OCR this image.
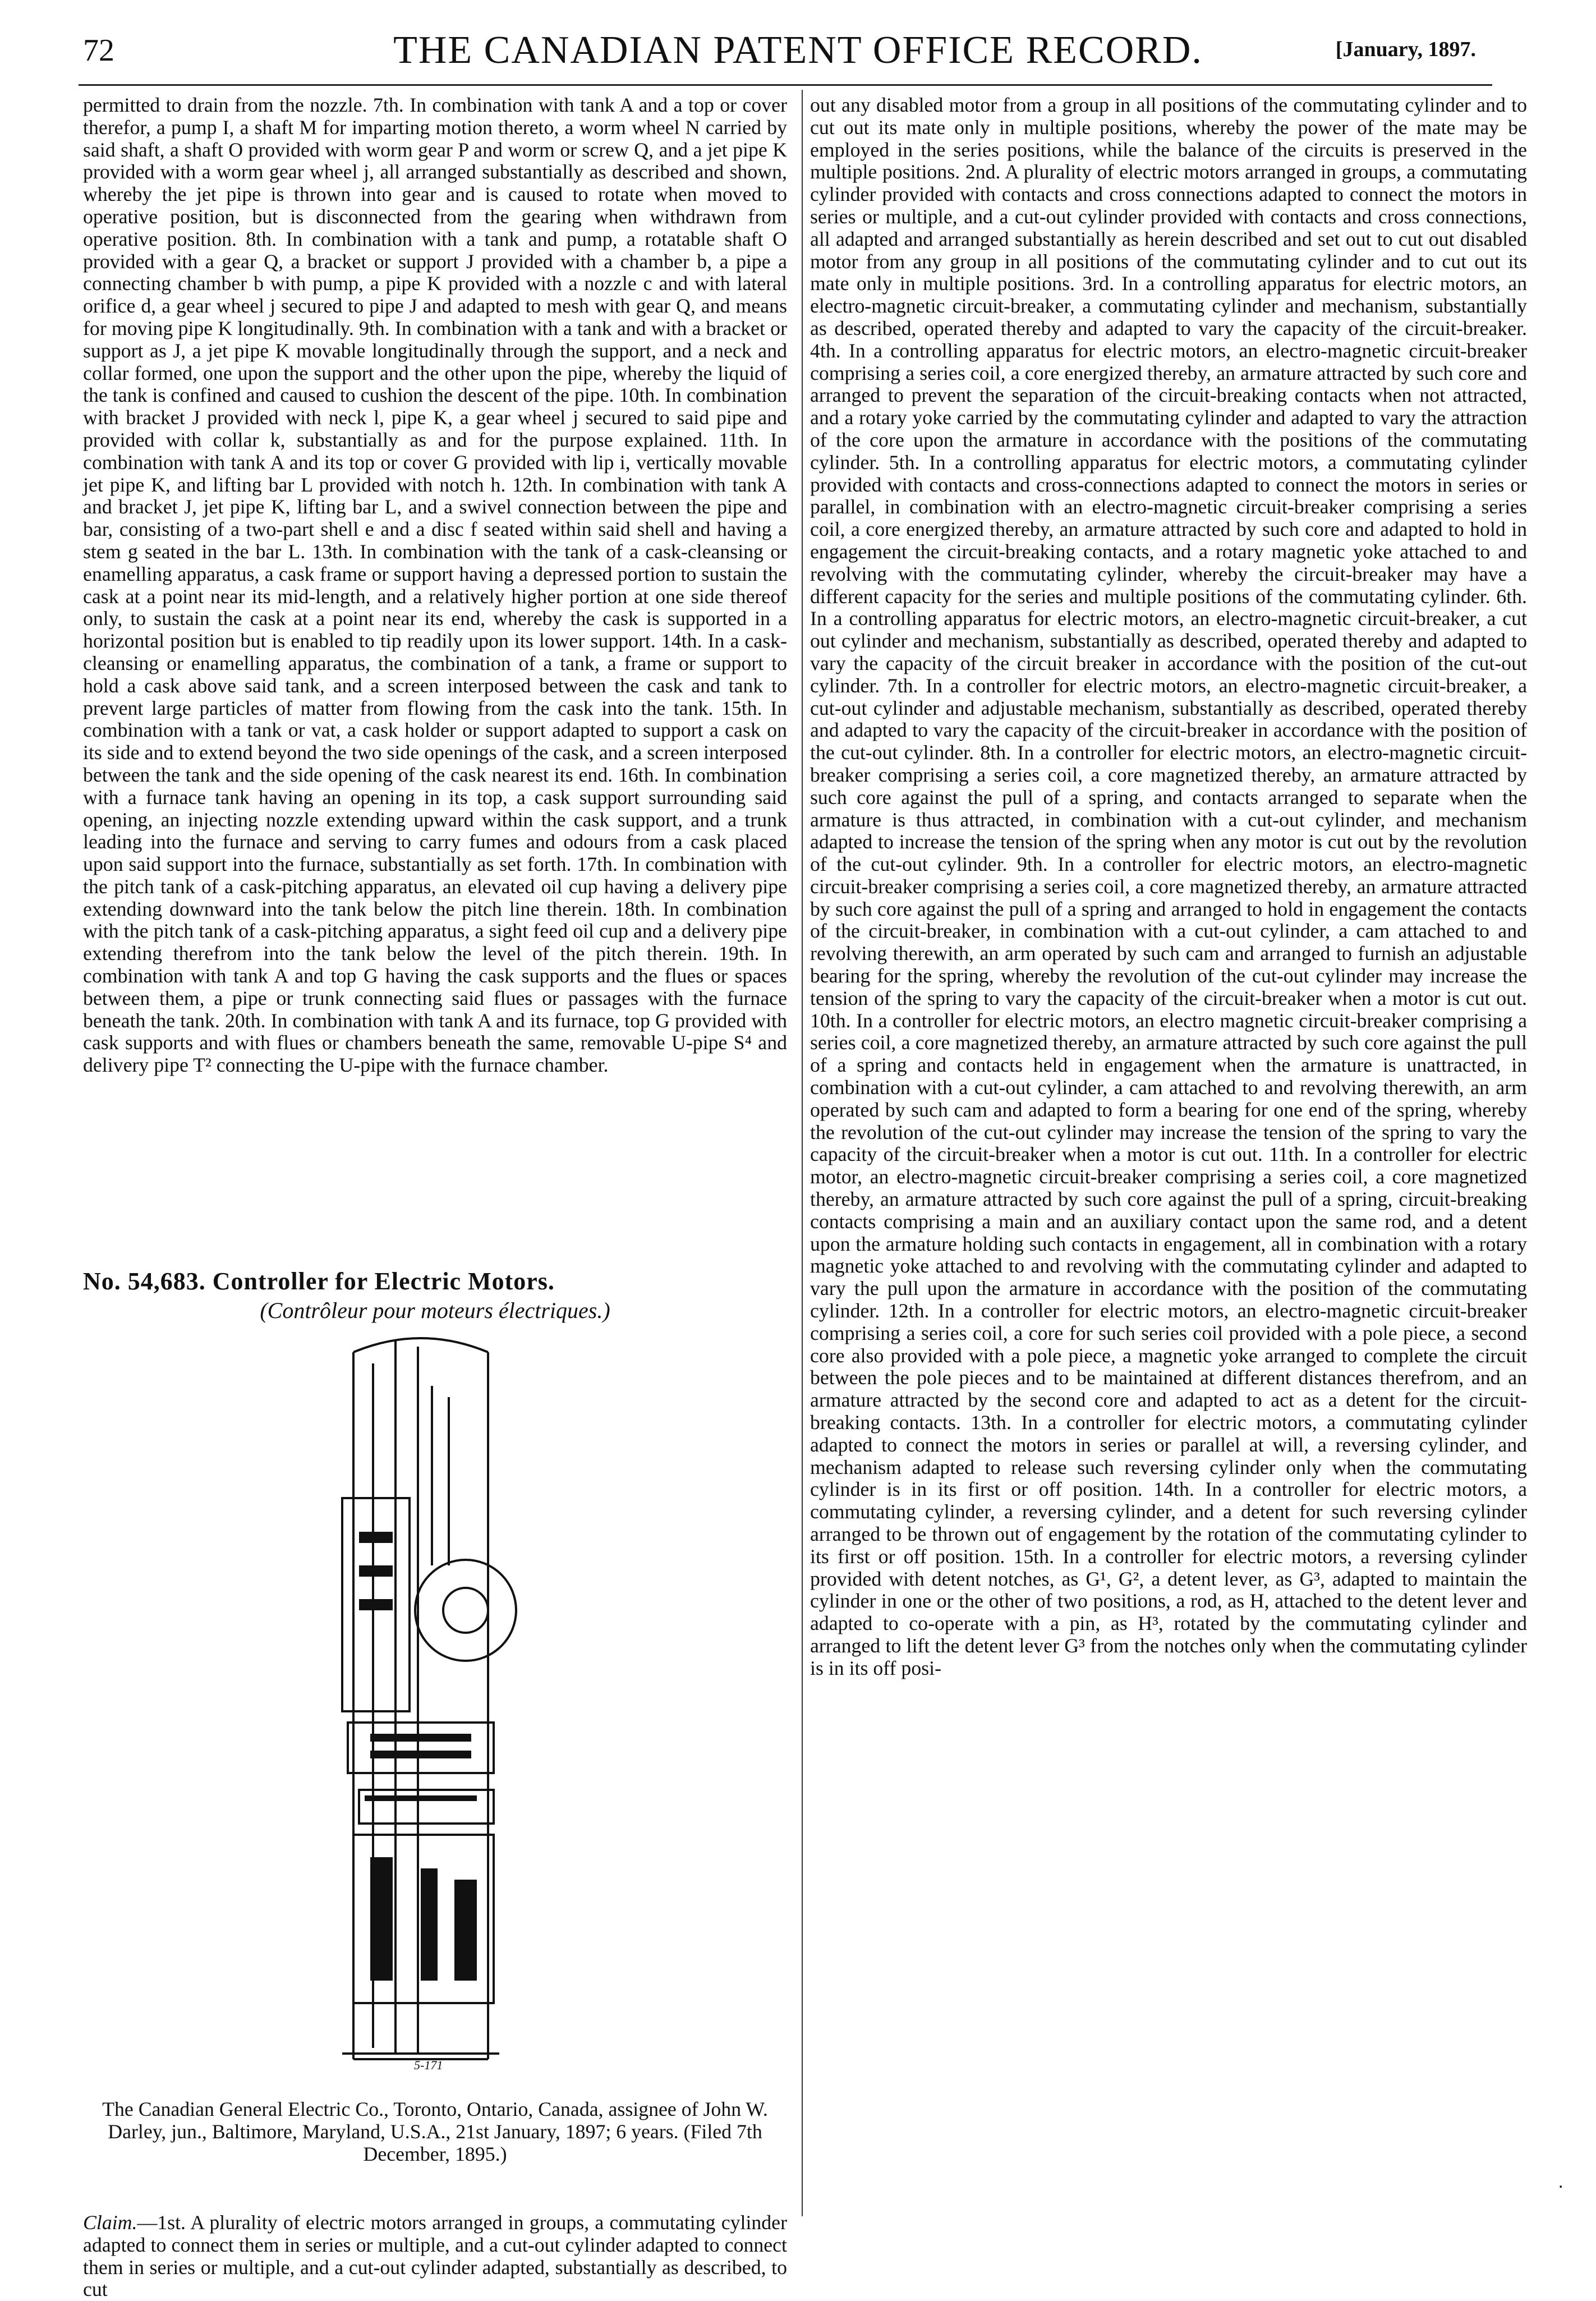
72	THE CANADIAN PATENT OFFICE RECORD.	[January, 1897.

permitted to drain from the nozzle. 7th. In combination with tank A and a top or cover therefor, a pump I, a shaft M for imparting motion thereto, a worm wheel N carried by said shaft, a shaft O provided with worm gear P and worm or screw Q, and a jet pipe K provided with a worm gear wheel j, all arranged substantially as described and shown, whereby the jet pipe is thrown into gear and is caused to rotate when moved to operative position, but is disconnected from the gearing when withdrawn from operative position. 8th. In combination with a tank and pump, a rotatable shaft O provided with a gear Q, a bracket or support J provided with a chamber b, a pipe a connecting chamber b with pump, a pipe K provided with a nozzle c and with lateral orifice d, a gear wheel j secured to pipe J and adapted to mesh with gear Q, and means for moving pipe K longitudinally. 9th. In combination with a tank and with a bracket or support as J, a jet pipe K movable longitudinally through the support, and a neck and collar formed, one upon the support and the other upon the pipe, whereby the liquid of the tank is confined and caused to cushion the descent of the pipe. 10th. In combination with bracket J provided with neck l, pipe K, a gear wheel j secured to said pipe and provided with collar k, substantially as and for the purpose explained. 11th. In combination with tank A and its top or cover G provided with lip i, vertically movable jet pipe K, and lifting bar L provided with notch h. 12th. In combination with tank A and bracket J, jet pipe K, lifting bar L, and a swivel connection between the pipe and bar, consisting of a two-part shell e and a disc f seated within said shell and having a stem g seated in the bar L. 13th. In combination with the tank of a cask-cleansing or enamelling apparatus, a cask frame or support having a depressed portion to sustain the cask at a point near its mid-length, and a relatively higher portion at one side thereof only, to sustain the cask at a point near its end, whereby the cask is supported in a horizontal position but is enabled to tip readily upon its lower support. 14th. In a cask-cleansing or enamelling apparatus, the combination of a tank, a frame or support to hold a cask above said tank, and a screen interposed between the cask and tank to prevent large particles of matter from flowing from the cask into the tank. 15th. In combination with a tank or vat, a cask holder or support adapted to support a cask on its side and to extend beyond the two side openings of the cask, and a screen interposed between the tank and the side opening of the cask nearest its end. 16th. In combination with a furnace tank having an opening in its top, a cask support surrounding said opening, an injecting nozzle extending upward within the cask support, and a trunk leading into the furnace and serving to carry fumes and odours from a cask placed upon said support into the furnace, substantially as set forth. 17th. In combination with the pitch tank of a cask-pitching apparatus, an elevated oil cup having a delivery pipe extending downward into the tank below the pitch line therein. 18th. In combination with the pitch tank of a cask-pitching apparatus, a sight feed oil cup and a delivery pipe extending therefrom into the tank below the level of the pitch therein. 19th. In combination with tank A and top G having the cask supports and the flues or spaces between them, a pipe or trunk connecting said flues or passages with the furnace beneath the tank. 20th. In combination with tank A and its furnace, top G provided with cask supports and with flues or chambers beneath the same, removable U-pipe S⁴ and delivery pipe T² connecting the U-pipe with the furnace chamber.

No. 54,683. Controller for Electric Motors.
(Contrôleur pour moteurs électriques.)
5-171
The Canadian General Electric Co., Toronto, Ontario, Canada, assignee of John W. Darley, jun., Baltimore, Maryland, U.S.A., 21st January, 1897; 6 years. (Filed 7th December, 1895.)
Claim.—1st. A plurality of electric motors arranged in groups, a commutating cylinder adapted to connect them in series or multiple, and a cut-out cylinder adapted to connect them in series or multiple, and a cut-out cylinder adapted, substantially as described, to cut

out any disabled motor from a group in all positions of the commutating cylinder and to cut out its mate only in multiple positions, whereby the power of the mate may be employed in the series positions, while the balance of the circuits is preserved in the multiple positions. 2nd. A plurality of electric motors arranged in groups, a commutating cylinder provided with contacts and cross connections adapted to connect the motors in series or multiple, and a cut-out cylinder provided with contacts and cross connections, all adapted and arranged substantially as herein described and set out to cut out disabled motor from any group in all positions of the commutating cylinder and to cut out its mate only in multiple positions. 3rd. In a controlling apparatus for electric motors, an electro-magnetic circuit-breaker, a commutating cylinder and mechanism, substantially as described, operated thereby and adapted to vary the capacity of the circuit-breaker. 4th. In a controlling apparatus for electric motors, an electro-magnetic circuit-breaker comprising a series coil, a core energized thereby, an armature attracted by such core and arranged to prevent the separation of the circuit-breaking contacts when not attracted, and a rotary yoke carried by the commutating cylinder and adapted to vary the attraction of the core upon the armature in accordance with the positions of the commutating cylinder. 5th. In a controlling apparatus for electric motors, a commutating cylinder provided with contacts and cross-connections adapted to connect the motors in series or parallel, in combination with an electro-magnetic circuit-breaker comprising a series coil, a core energized thereby, an armature attracted by such core and adapted to hold in engagement the circuit-breaking contacts, and a rotary magnetic yoke attached to and revolving with the commutating cylinder, whereby the circuit-breaker may have a different capacity for the series and multiple positions of the commutating cylinder. 6th. In a controlling apparatus for electric motors, an electro-magnetic circuit-breaker, a cut out cylinder and mechanism, substantially as described, operated thereby and adapted to vary the capacity of the circuit breaker in accordance with the position of the cut-out cylinder. 7th. In a controller for electric motors, an electro-magnetic circuit-breaker, a cut-out cylinder and adjustable mechanism, substantially as described, operated thereby and adapted to vary the capacity of the circuit-breaker in accordance with the position of the cut-out cylinder. 8th. In a controller for electric motors, an electro-magnetic circuit-breaker comprising a series coil, a core magnetized thereby, an armature attracted by such core against the pull of a spring, and contacts arranged to separate when the armature is thus attracted, in combination with a cut-out cylinder, and mechanism adapted to increase the tension of the spring when any motor is cut out by the revolution of the cut-out cylinder. 9th. In a controller for electric motors, an electro-magnetic circuit-breaker comprising a series coil, a core magnetized thereby, an armature attracted by such core against the pull of a spring and arranged to hold in engagement the contacts of the circuit-breaker, in combination with a cut-out cylinder, a cam attached to and revolving therewith, an arm operated by such cam and arranged to furnish an adjustable bearing for the spring, whereby the revolution of the cut-out cylinder may increase the tension of the spring to vary the capacity of the circuit-breaker when a motor is cut out. 10th. In a controller for electric motors, an electro magnetic circuit-breaker comprising a series coil, a core magnetized thereby, an armature attracted by such core against the pull of a spring and contacts held in engagement when the armature is unattracted, in combination with a cut-out cylinder, a cam attached to and revolving therewith, an arm operated by such cam and adapted to form a bearing for one end of the spring, whereby the revolution of the cut-out cylinder may increase the tension of the spring to vary the capacity of the circuit-breaker when a motor is cut out. 11th. In a controller for electric motor, an electro-magnetic circuit-breaker comprising a series coil, a core magnetized thereby, an armature attracted by such core against the pull of a spring, circuit-breaking contacts comprising a main and an auxiliary contact upon the same rod, and a detent upon the armature holding such contacts in engagement, all in combination with a rotary magnetic yoke attached to and revolving with the commutating cylinder and adapted to vary the pull upon the armature in accordance with the position of the commutating cylinder. 12th. In a controller for electric motors, an electro-magnetic circuit-breaker comprising a series coil, a core for such series coil provided with a pole piece, a second core also provided with a pole piece, a magnetic yoke arranged to complete the circuit between the pole pieces and to be maintained at different distances therefrom, and an armature attracted by the second core and adapted to act as a detent for the circuit-breaking contacts. 13th. In a controller for electric motors, a commutating cylinder adapted to connect the motors in series or parallel at will, a reversing cylinder, and mechanism adapted to release such reversing cylinder only when the commutating cylinder is in its first or off position. 14th. In a controller for electric motors, a commutating cylinder, a reversing cylinder, and a detent for such reversing cylinder arranged to be thrown out of engagement by the rotation of the commutating cylinder to its first or off position. 15th. In a controller for electric motors, a reversing cylinder provided with detent notches, as G¹, G², a detent lever, as G³, adapted to maintain the cylinder in one or the other of two positions, a rod, as H, attached to the detent lever and adapted to co-operate with a pin, as H³, rotated by the commutating cylinder and arranged to lift the detent lever G³ from the notches only when the commutating cylinder is in its off posi-

.
